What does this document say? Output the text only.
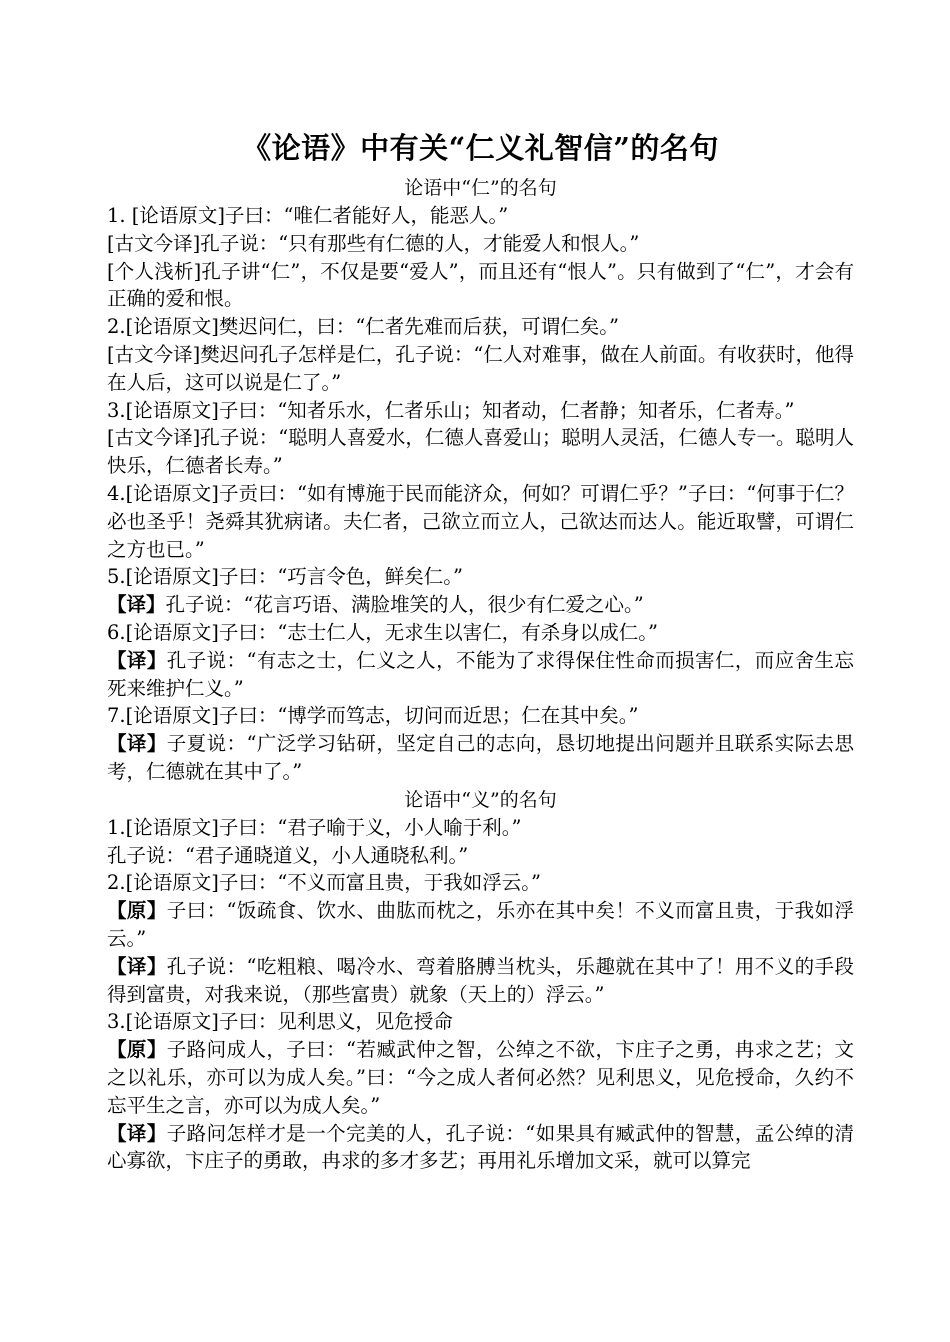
《论语》中有关“仁义礼智信”的名句
论语中“仁”的名句

1. [论语原文]子曰：“唯仁者能好人，能恶人。”

[古文今译]孔子说：“只有那些有仁德的人，才能爱人和恨人。”

[个人浅析]孔子讲“仁”，不仅是要“爱人”，而且还有“恨人”。只有做到了“仁”，才会有正确的爱和恨。

2.[论语原文]樊迟问仁，曰：“仁者先难而后获，可谓仁矣。”

[古文今译]樊迟问孔子怎样是仁，孔子说：“仁人对难事，做在人前面。有收获时，他得在人后，这可以说是仁了。”

3.[论语原文]子曰：“知者乐水，仁者乐山；知者动，仁者静；知者乐，仁者寿。”

[古文今译]孔子说：“聪明人喜爱水，仁德人喜爱山；聪明人灵活，仁德人专一。聪明人快乐，仁德者长寿。”

4.[论语原文]子贡曰：“如有博施于民而能济众，何如？可谓仁乎？”子曰：“何事于仁？必也圣乎！尧舜其犹病诸。夫仁者，己欲立而立人，己欲达而达人。能近取譬，可谓仁之方也已。”

5.[论语原文]子曰：“巧言令色，鲜矣仁。”

【译】孔子说：“花言巧语、满脸堆笑的人，很少有仁爱之心。”

6.[论语原文]子曰：“志士仁人，无求生以害仁，有杀身以成仁。”

【译】孔子说：“有志之士，仁义之人，不能为了求得保住性命而损害仁，而应舍生忘死来维护仁义。”

7.[论语原文]子曰：“博学而笃志，切问而近思；仁在其中矣。”

【译】子夏说：“广泛学习钻研，坚定自己的志向，恳切地提出问题并且联系实际去思考，仁德就在其中了。”

论语中“义”的名句

1.[论语原文]子曰：“君子喻于义，小人喻于利。”

孔子说：“君子通晓道义，小人通晓私利。”

2.[论语原文]子曰：“不义而富且贵，于我如浮云。”

【原】子曰：“饭疏食、饮水、曲肱而枕之，乐亦在其中矣！不义而富且贵，于我如浮云。”

【译】孔子说：“吃粗粮、喝冷水、弯着胳膊当枕头，乐趣就在其中了！用不义的手段得到富贵，对我来说，（那些富贵）就象（天上的）浮云。”

3.[论语原文]子曰：见利思义，见危授命

【原】子路问成人，子曰：“若臧武仲之智，公绰之不欲，卞庄子之勇，冉求之艺；文之以礼乐，亦可以为成人矣。”曰：“今之成人者何必然？见利思义，见危授命，久约不忘平生之言，亦可以为成人矣。”

【译】子路问怎样才是一个完美的人，孔子说：“如果具有臧武仲的智慧，孟公绰的清心寡欲，卞庄子的勇敢，冉求的多才多艺；再用礼乐增加文采，就可以算完
